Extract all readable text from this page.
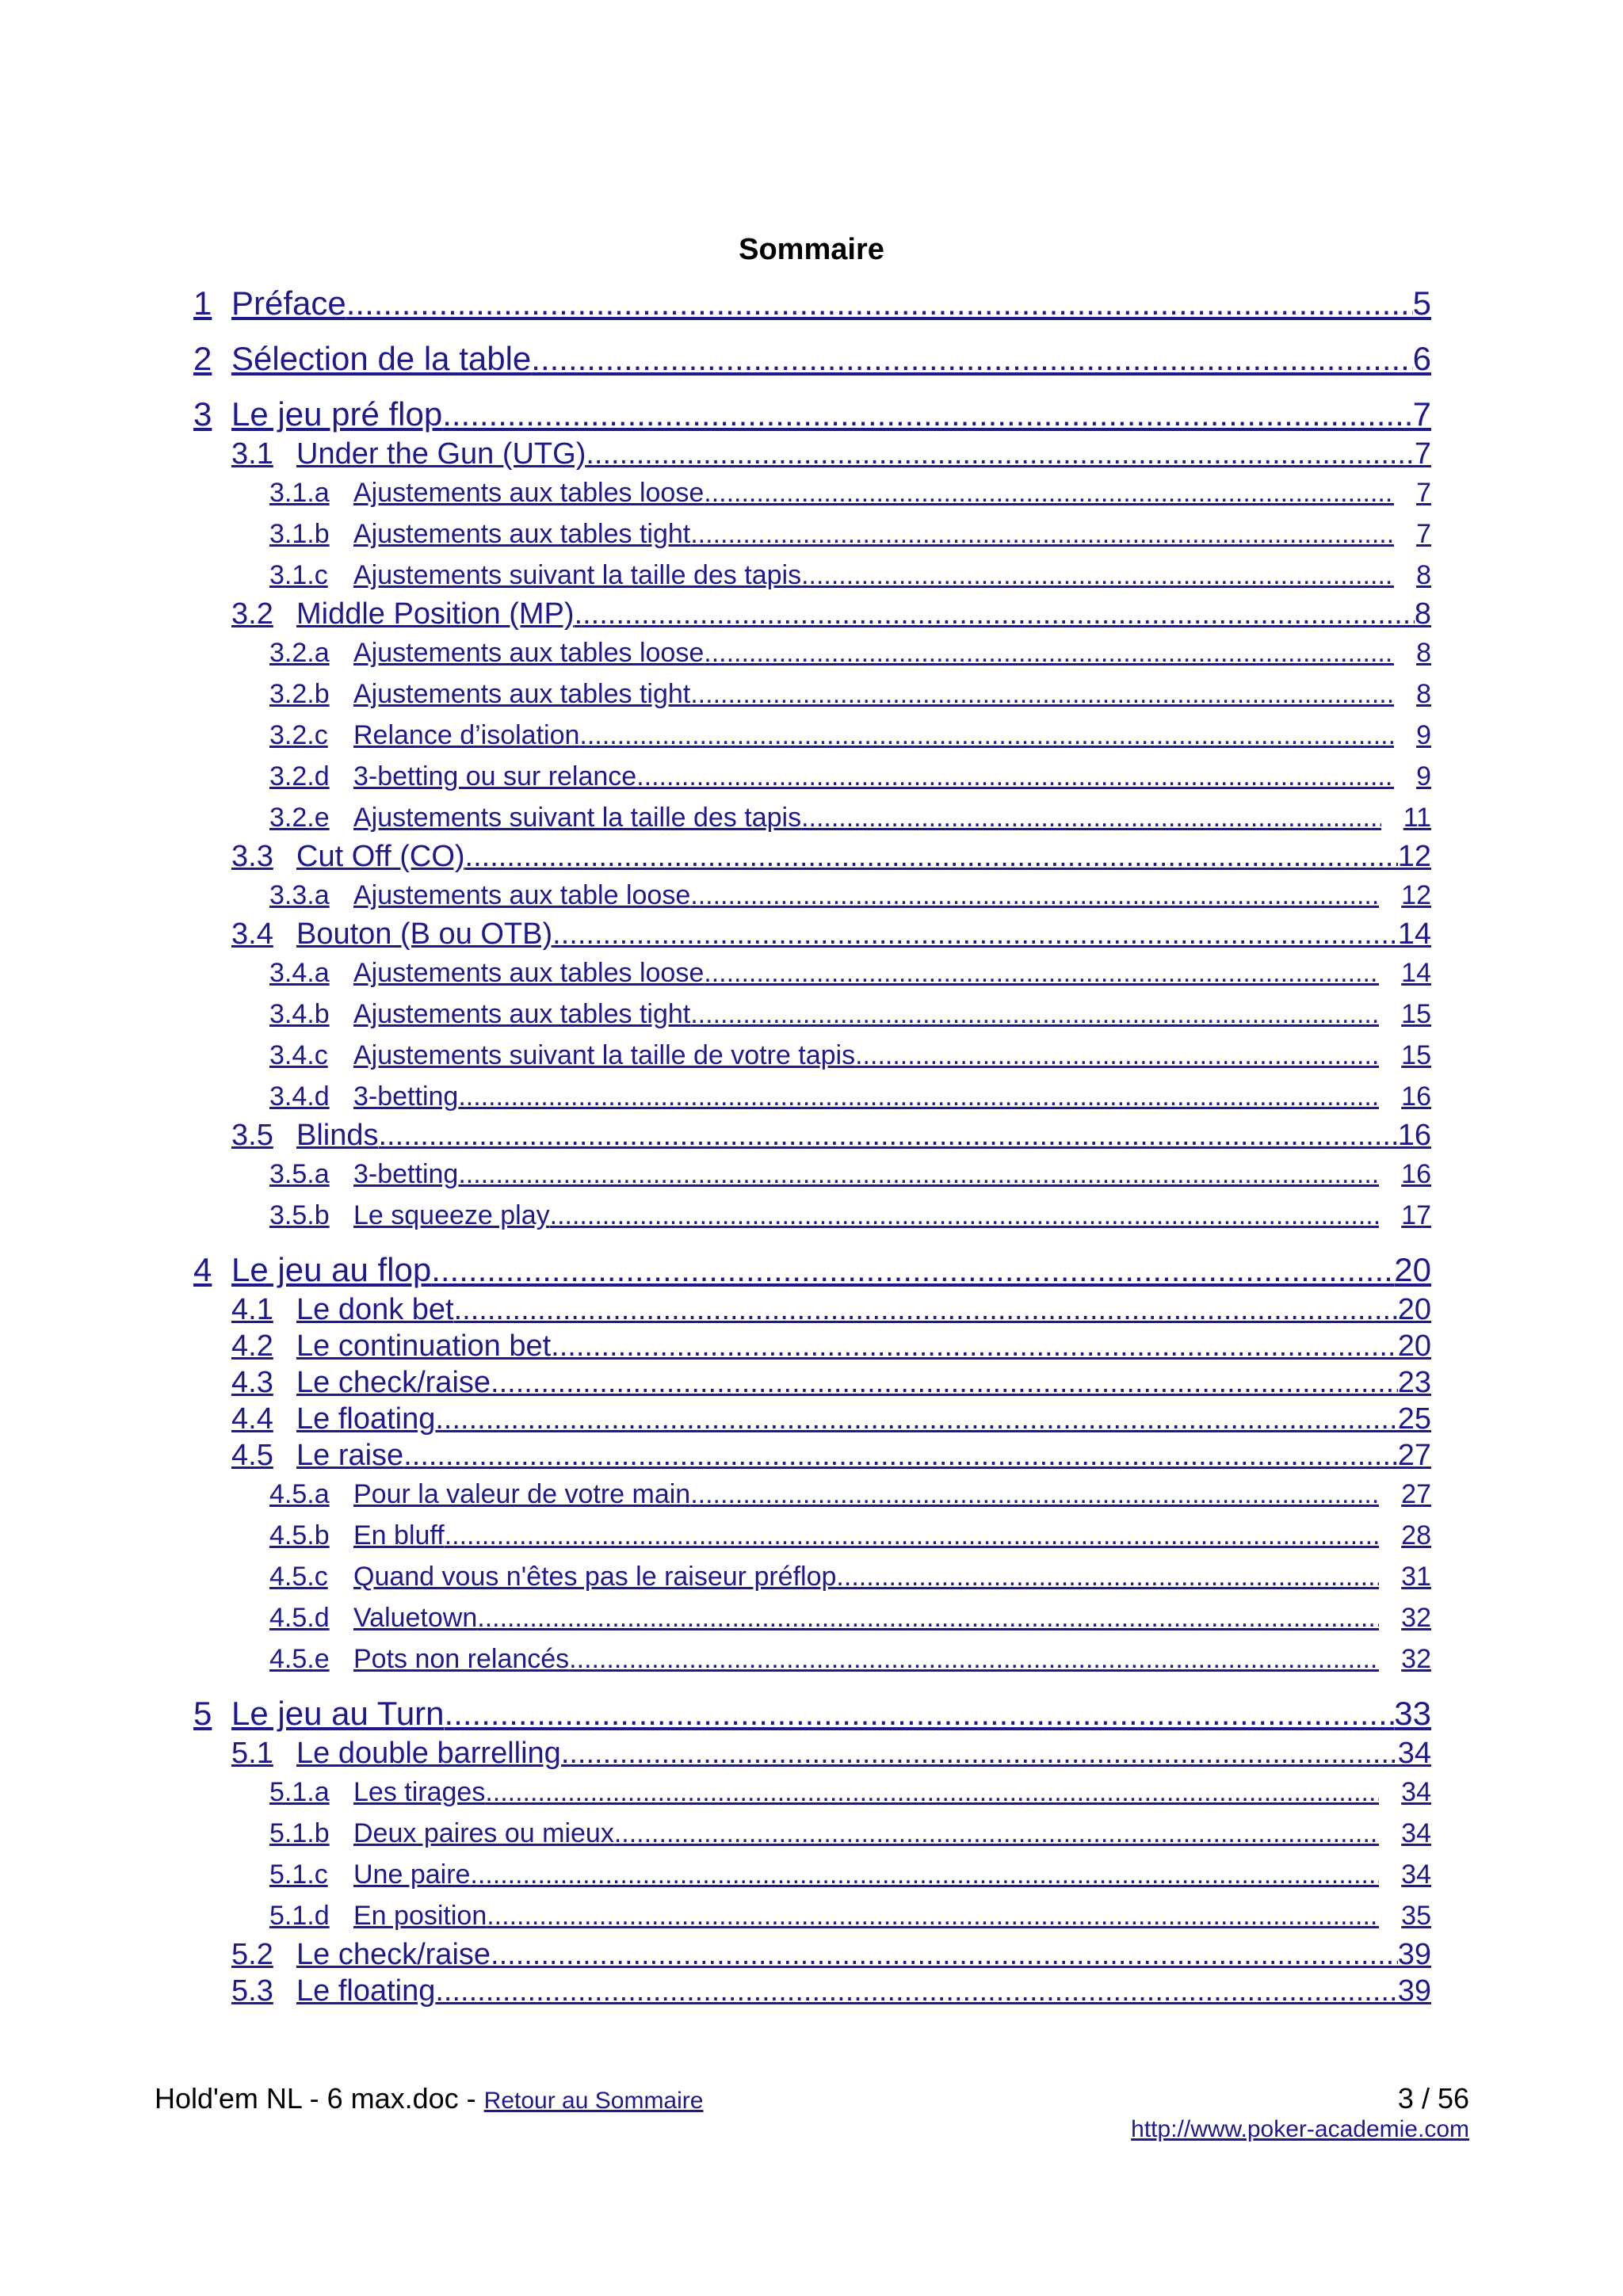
Sommaire
1 Préface .....	5
2 Sélection de la table .....	6
3 Le jeu pré flop .....	7
3.1 Under the Gun (UTG) .....	7
3.1.a Ajustements aux tables loose .....	7
3.1.b Ajustements aux tables tight .....	7
3.1.c Ajustements suivant la taille des tapis .....	8
3.2 Middle Position (MP) .....	8
3.2.a Ajustements aux tables loose .....	8
3.2.b Ajustements aux tables tight .....	8
3.2.c Relance d’isolation .....	9
3.2.d 3-betting ou sur relance .....	9
3.2.e Ajustements suivant la taille des tapis .....	11
3.3 Cut Off (CO) .....	12
3.3.a Ajustements aux table loose .....	12
3.4 Bouton (B ou OTB) .....	14
3.4.a Ajustements aux tables loose .....	14
3.4.b Ajustements aux tables tight .....	15
3.4.c Ajustements suivant la taille de votre tapis .....	15
3.4.d 3-betting .....	16
3.5 Blinds .....	16
3.5.a 3-betting .....	16
3.5.b Le squeeze play .....	17
4 Le jeu au flop .....	20
4.1 Le donk bet .....	20
4.2 Le continuation bet .....	20
4.3 Le check/raise .....	23
4.4 Le floating .....	25
4.5 Le raise .....	27
4.5.a Pour la valeur de votre main .....	27
4.5.b En bluff .....	28
4.5.c Quand vous n'êtes pas le raiseur préflop .....	31
4.5.d Valuetown .....	32
4.5.e Pots non relancés .....	32
5 Le jeu au Turn .....	33
5.1 Le double barrelling .....	34
5.1.a Les tirages .....	34
5.1.b Deux paires ou mieux .....	34
5.1.c Une paire .....	34
5.1.d En position .....	35
5.2 Le check/raise .....	39
5.3 Le floating .....	39
Hold'em NL - 6 max.doc - Retour au Sommaire	3 / 56
http://www.poker-academie.com
